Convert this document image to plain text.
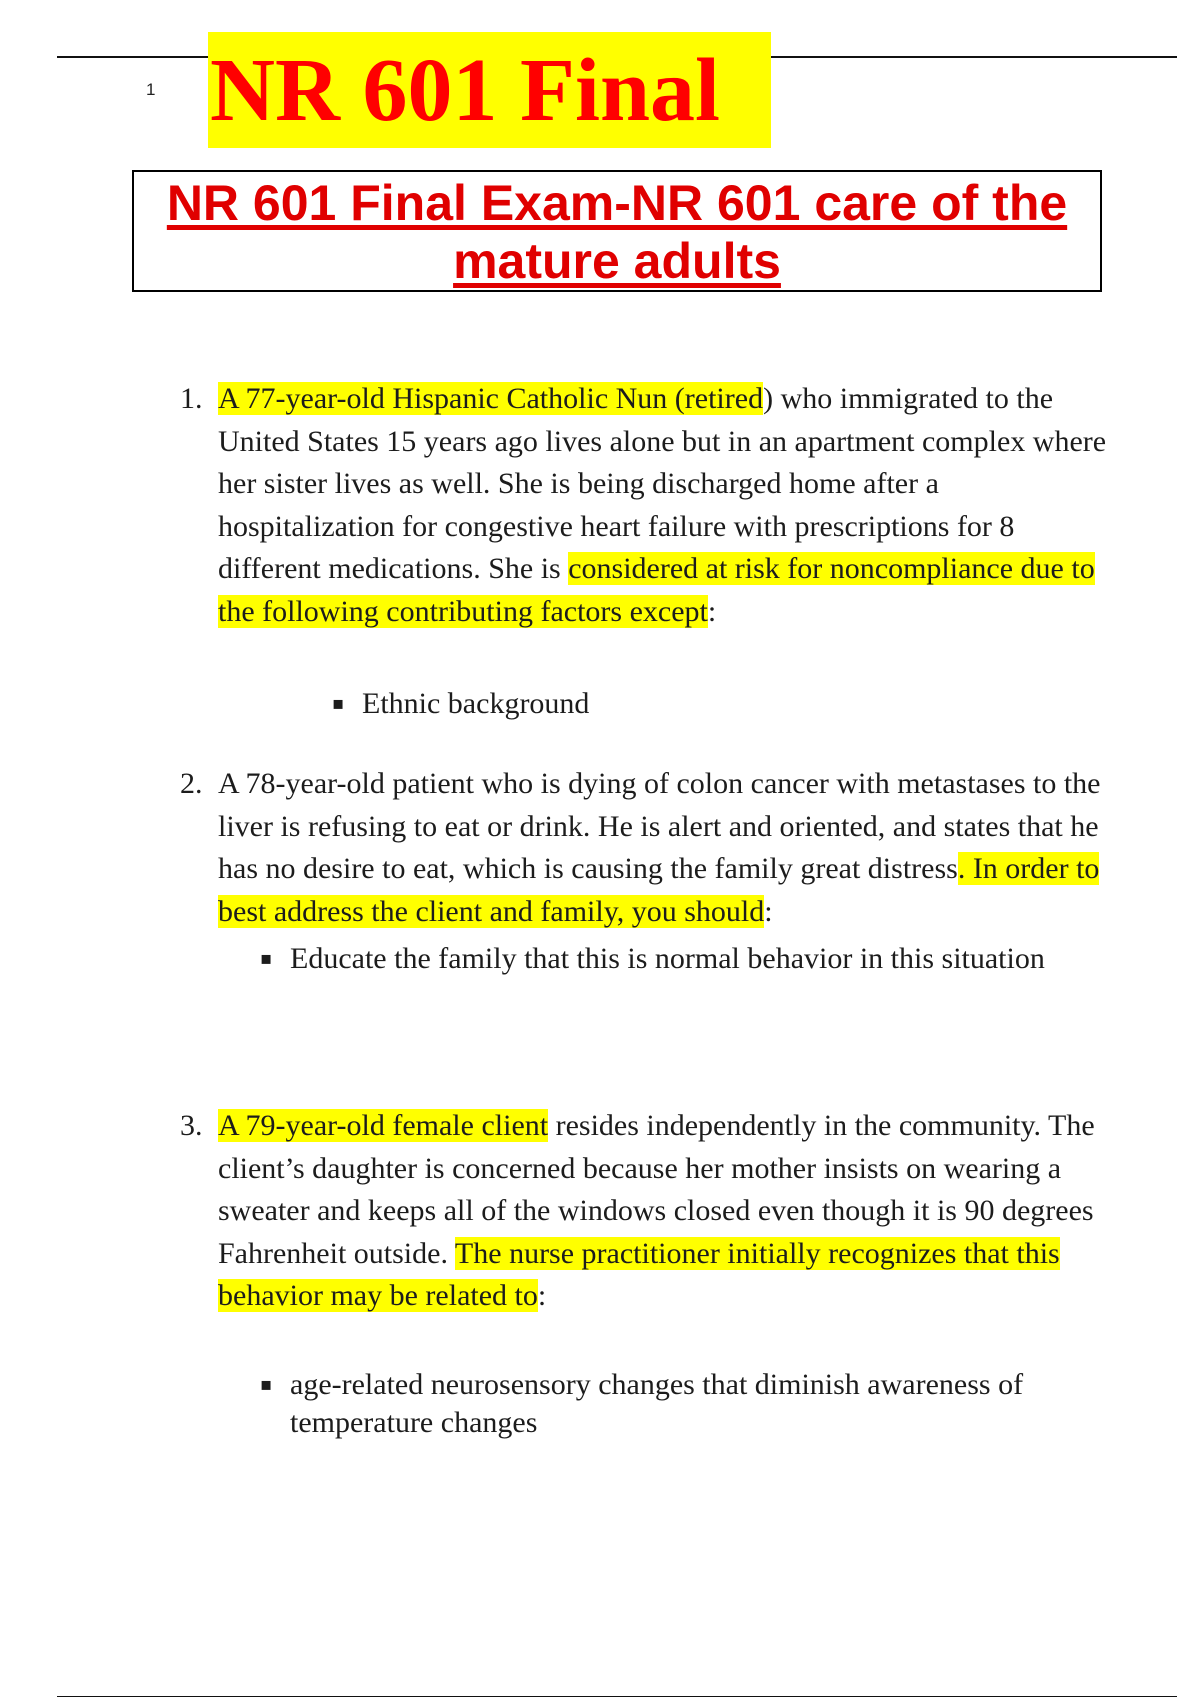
1 NR 601 Final
NR 601 Final Exam-NR 601 care of the mature adults
1. A 77-year-old Hispanic Catholic Nun (retired) who immigrated to the United States 15 years ago lives alone but in an apartment complex where her sister lives as well. She is being discharged home after a hospitalization for congestive heart failure with prescriptions for 8 different medications. She is considered at risk for noncompliance due to the following contributing factors except:
▪ Ethnic background
2. A 78-year-old patient who is dying of colon cancer with metastases to the liver is refusing to eat or drink. He is alert and oriented, and states that he has no desire to eat, which is causing the family great distress. In order to best address the client and family, you should:
▪ Educate the family that this is normal behavior in this situation
3. A 79-year-old female client resides independently in the community. The client’s daughter is concerned because her mother insists on wearing a sweater and keeps all of the windows closed even though it is 90 degrees Fahrenheit outside. The nurse practitioner initially recognizes that this behavior may be related to:
▪ age-related neurosensory changes that diminish awareness of temperature changes
